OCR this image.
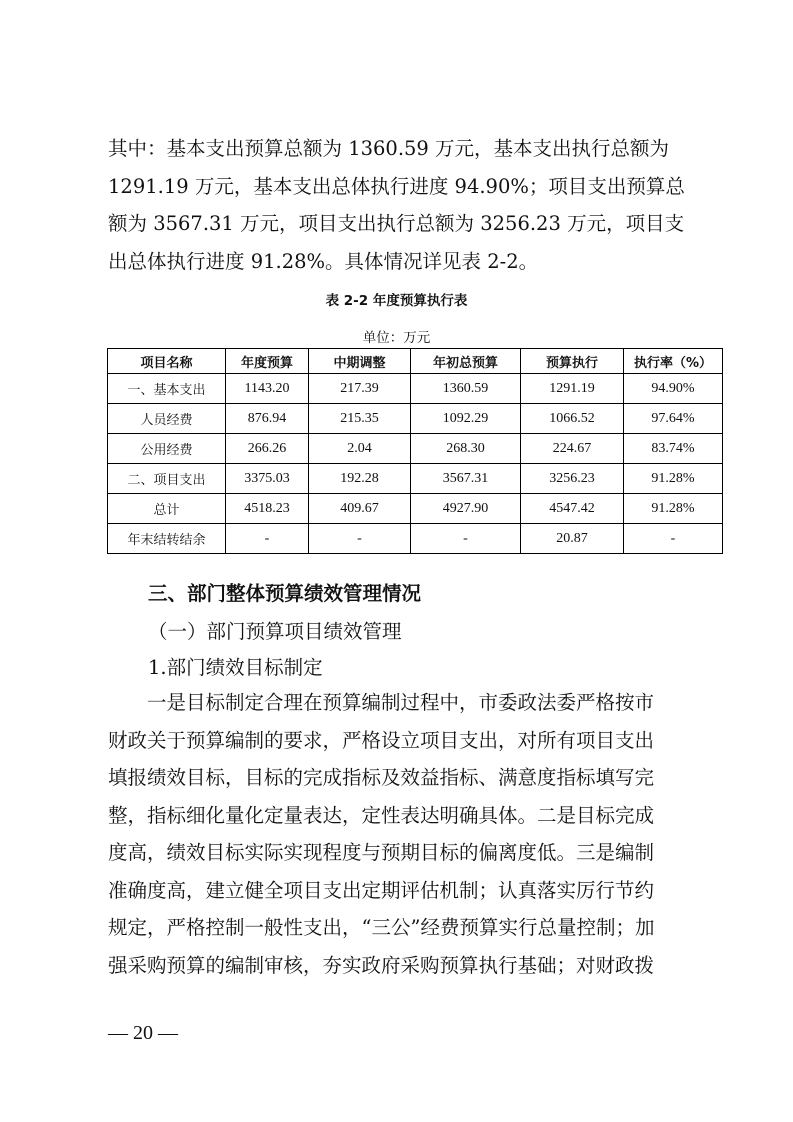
其中：基本支出预算总额为 1360.59 万元，基本支出执行总额为
1291.19 万元，基本支出总体执行进度 94.90%；项目支出预算总
额为 3567.31 万元，项目支出执行总额为 3256.23 万元，项目支
出总体执行进度 91.28%。具体情况详见表 2-2。

表 2-2 年度预算执行表
单位：万元
项目名称	年度预算	中期调整	年初总预算	预算执行	执行率（%）
一、基本支出	1143.20	217.39	1360.59	1291.19	94.90%
人员经费	876.94	215.35	1092.29	1066.52	97.64%
公用经费	266.26	2.04	268.30	224.67	83.74%
二、项目支出	3375.03	192.28	3567.31	3256.23	91.28%
总计	4518.23	409.67	4927.90	4547.42	91.28%
年末结转结余	-	-	-	20.87	-
三、部门整体预算绩效管理情况
（一）部门预算项目绩效管理
1.部门绩效目标制定

一是目标制定合理在预算编制过程中，市委政法委严格按市
财政关于预算编制的要求，严格设立项目支出，对所有项目支出
填报绩效目标，目标的完成指标及效益指标、满意度指标填写完
整，指标细化量化定量表达，定性表达明确具体。二是目标完成
度高，绩效目标实际实现程度与预期目标的偏离度低。三是编制
准确度高，建立健全项目支出定期评估机制；认真落实厉行节约
规定，严格控制一般性支出，“三公”经费预算实行总量控制；加
强采购预算的编制审核，夯实政府采购预算执行基础；对财政拨

— 20 —
